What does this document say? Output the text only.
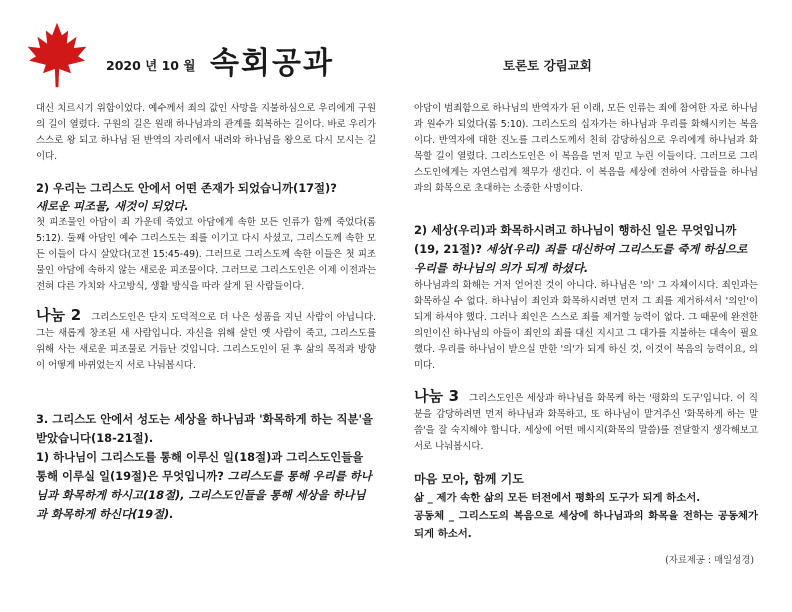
2020 년 10 월 속회공과	토론토 강림교회

대신 치르시기 위함이었다. 예수께서 죄의 값인 사망을 지불하심으로 우리에게 구원의 길이 열렸다. 구원의 길은 원래 하나님과의 관계를 회복하는 길이다. 바로 우리가 스스로 왕 되고 하나님 된 반역의 자리에서 내려와 하나님을 왕으로 다시 모시는 길이다.

2) 우리는 그리스도 안에서 어떤 존재가 되었습니까(17절)?

새로운 피조물, 새것이 되었다.

첫 피조물인 아담이 죄 가운데 죽었고 아담에게 속한 모든 인류가 함께 죽었다(롬 5:12). 둘째 아담인 예수 그리스도는 죄를 이기고 다시 사셨고, 그리스도께 속한 모든 이들이 다시 살았다(고전 15:45-49). 그러므로 그리스도께 속한 이들은 첫 피조물인 아담에 속하지 않는 새로운 피조물이다. 그러므로 그리스도인은 이제 이전과는 전혀 다른 가치와 사고방식, 생활 방식을 따라 살게 된 사람들이다.

나눔 2 그리스도인은 단지 도덕적으로 더 나은 성품을 지닌 사람이 아닙니다. 그는 새롭게 창조된 새 사람입니다. 자신을 위해 살던 옛 사람이 죽고, 그리스도를 위해 사는 새로운 피조물로 거듭난 것입니다. 그리스도인이 된 후 삶의 목적과 방향이 어떻게 바뀌었는지 서로 나눠봅시다.

3. 그리스도 안에서 성도는 세상을 하나님과 '화목하게 하는 직분'을 받았습니다(18-21절).

1) 하나님이 그리스도를 통해 이루신 일(18절)과 그리스도인들을 통해 이루실 일(19절)은 무엇입니까? 그리스도를 통해 우리를 하나님과 화목하게 하시고(18절), 그리스도인들을 통해 세상을 하나님과 화목하게 하신다(19절).

아담이 범죄함으로 하나님의 반역자가 된 이래, 모든 인류는 죄에 참여한 자로 하나님과 원수가 되었다(롬 5:10). 그리스도의 십자가는 하나님과 우리를 화해시키는 복음이다. 반역자에 대한 진노를 그리스도께서 친히 감당하심으로 우리에게 하나님과 화목할 길이 열렸다. 그리스도인은 이 복음을 먼저 믿고 누린 이들이다. 그러므로 그리스도인에게는 자연스럽게 책무가 생긴다. 이 복음을 세상에 전하여 사람들을 하나님과의 화목으로 초대하는 소중한 사명이다.

2) 세상(우리)과 화목하시려고 하나님이 행하신 일은 무엇입니까(19, 21절)? 세상(우리) 죄를 대신하여 그리스도를 죽게 하심으로 우리를 하나님의 의가 되게 하셨다.

하나님과의 화해는 거저 얻어진 것이 아니다. 하나님은 '의' 그 자체이시다. 죄인과는 화목하실 수 없다. 하나님이 죄인과 화목하시려면 먼저 그 죄를 제거하셔서 '의인'이 되게 하셔야 했다. 그러나 죄인은 스스로 죄를 제거할 능력이 없다. 그 때문에 완전한 의인이신 하나님의 아들이 죄인의 죄를 대신 지시고 그 대가를 지불하는 대속이 필요했다. 우리를 하나님이 받으실 만한 '의'가 되게 하신 것, 이것이 복음의 능력이요, 의미다.

나눔 3 그리스도인은 세상과 하나님을 화목케 하는 '평화의 도구'입니다. 이 직분을 감당하려면 먼저 하나님과 화목하고, 또 하나님이 맡겨주신 '화목하게 하는 말씀'을 잘 숙지해야 합니다. 세상에 어떤 메시지(화목의 말씀)를 전달할지 생각해보고 서로 나눠봅시다.

마음 모아, 함께 기도

삶 _ 제가 속한 삶의 모든 터전에서 평화의 도구가 되게 하소서.

공동체 _ 그리스도의 복음으로 세상에 하나님과의 화목을 전하는 공동체가 되게 하소서.

(자료제공 : 매일성경)
